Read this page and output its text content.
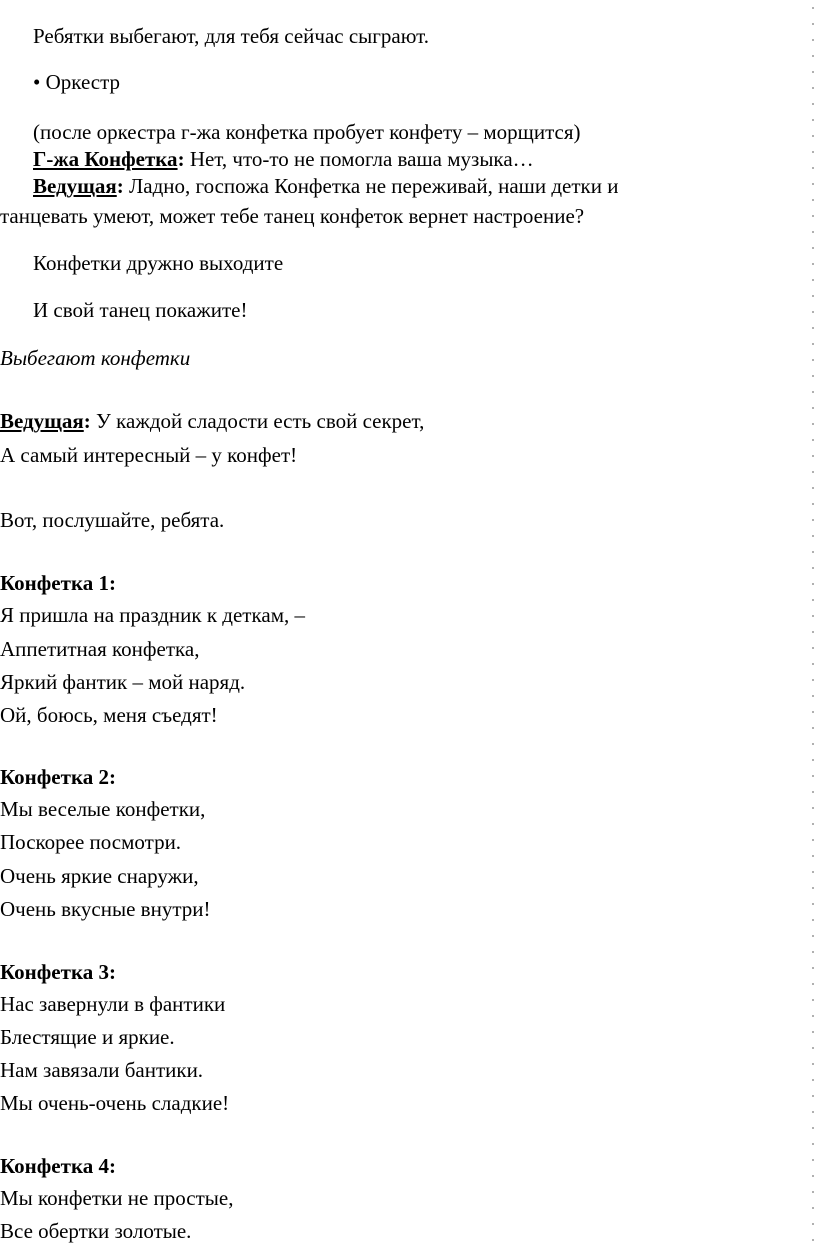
Ребятки выбегают, для тебя сейчас сыграют.
• Оркестр
(после оркестра г-жа конфетка пробует конфету – морщится)
Г-жа Конфетка: Нет, что-то не помогла ваша музыка…
Ведущая: Ладно, госпожа Конфетка не переживай, наши детки и
танцевать умеют, может тебе танец конфеток вернет настроение?
Конфетки дружно выходите
И свой танец покажите!
Выбегают конфетки
Ведущая: У каждой сладости есть свой секрет,
А самый интересный – у конфет!
Вот, послушайте, ребята.
Конфетка 1:
Я пришла на праздник к деткам, –
Аппетитная конфетка,
Яркий фантик – мой наряд.
Ой, боюсь, меня съедят!
Конфетка 2:
Мы веселые конфетки,
Поскорее посмотри.
Очень яркие снаружи,
Очень вкусные внутри!
Конфетка 3:
Нас завернули в фантики
Блестящие и яркие.
Нам завязали бантики.
Мы очень-очень сладкие!
Конфетка 4:
Мы конфетки не простые,
Все обертки золотые.
